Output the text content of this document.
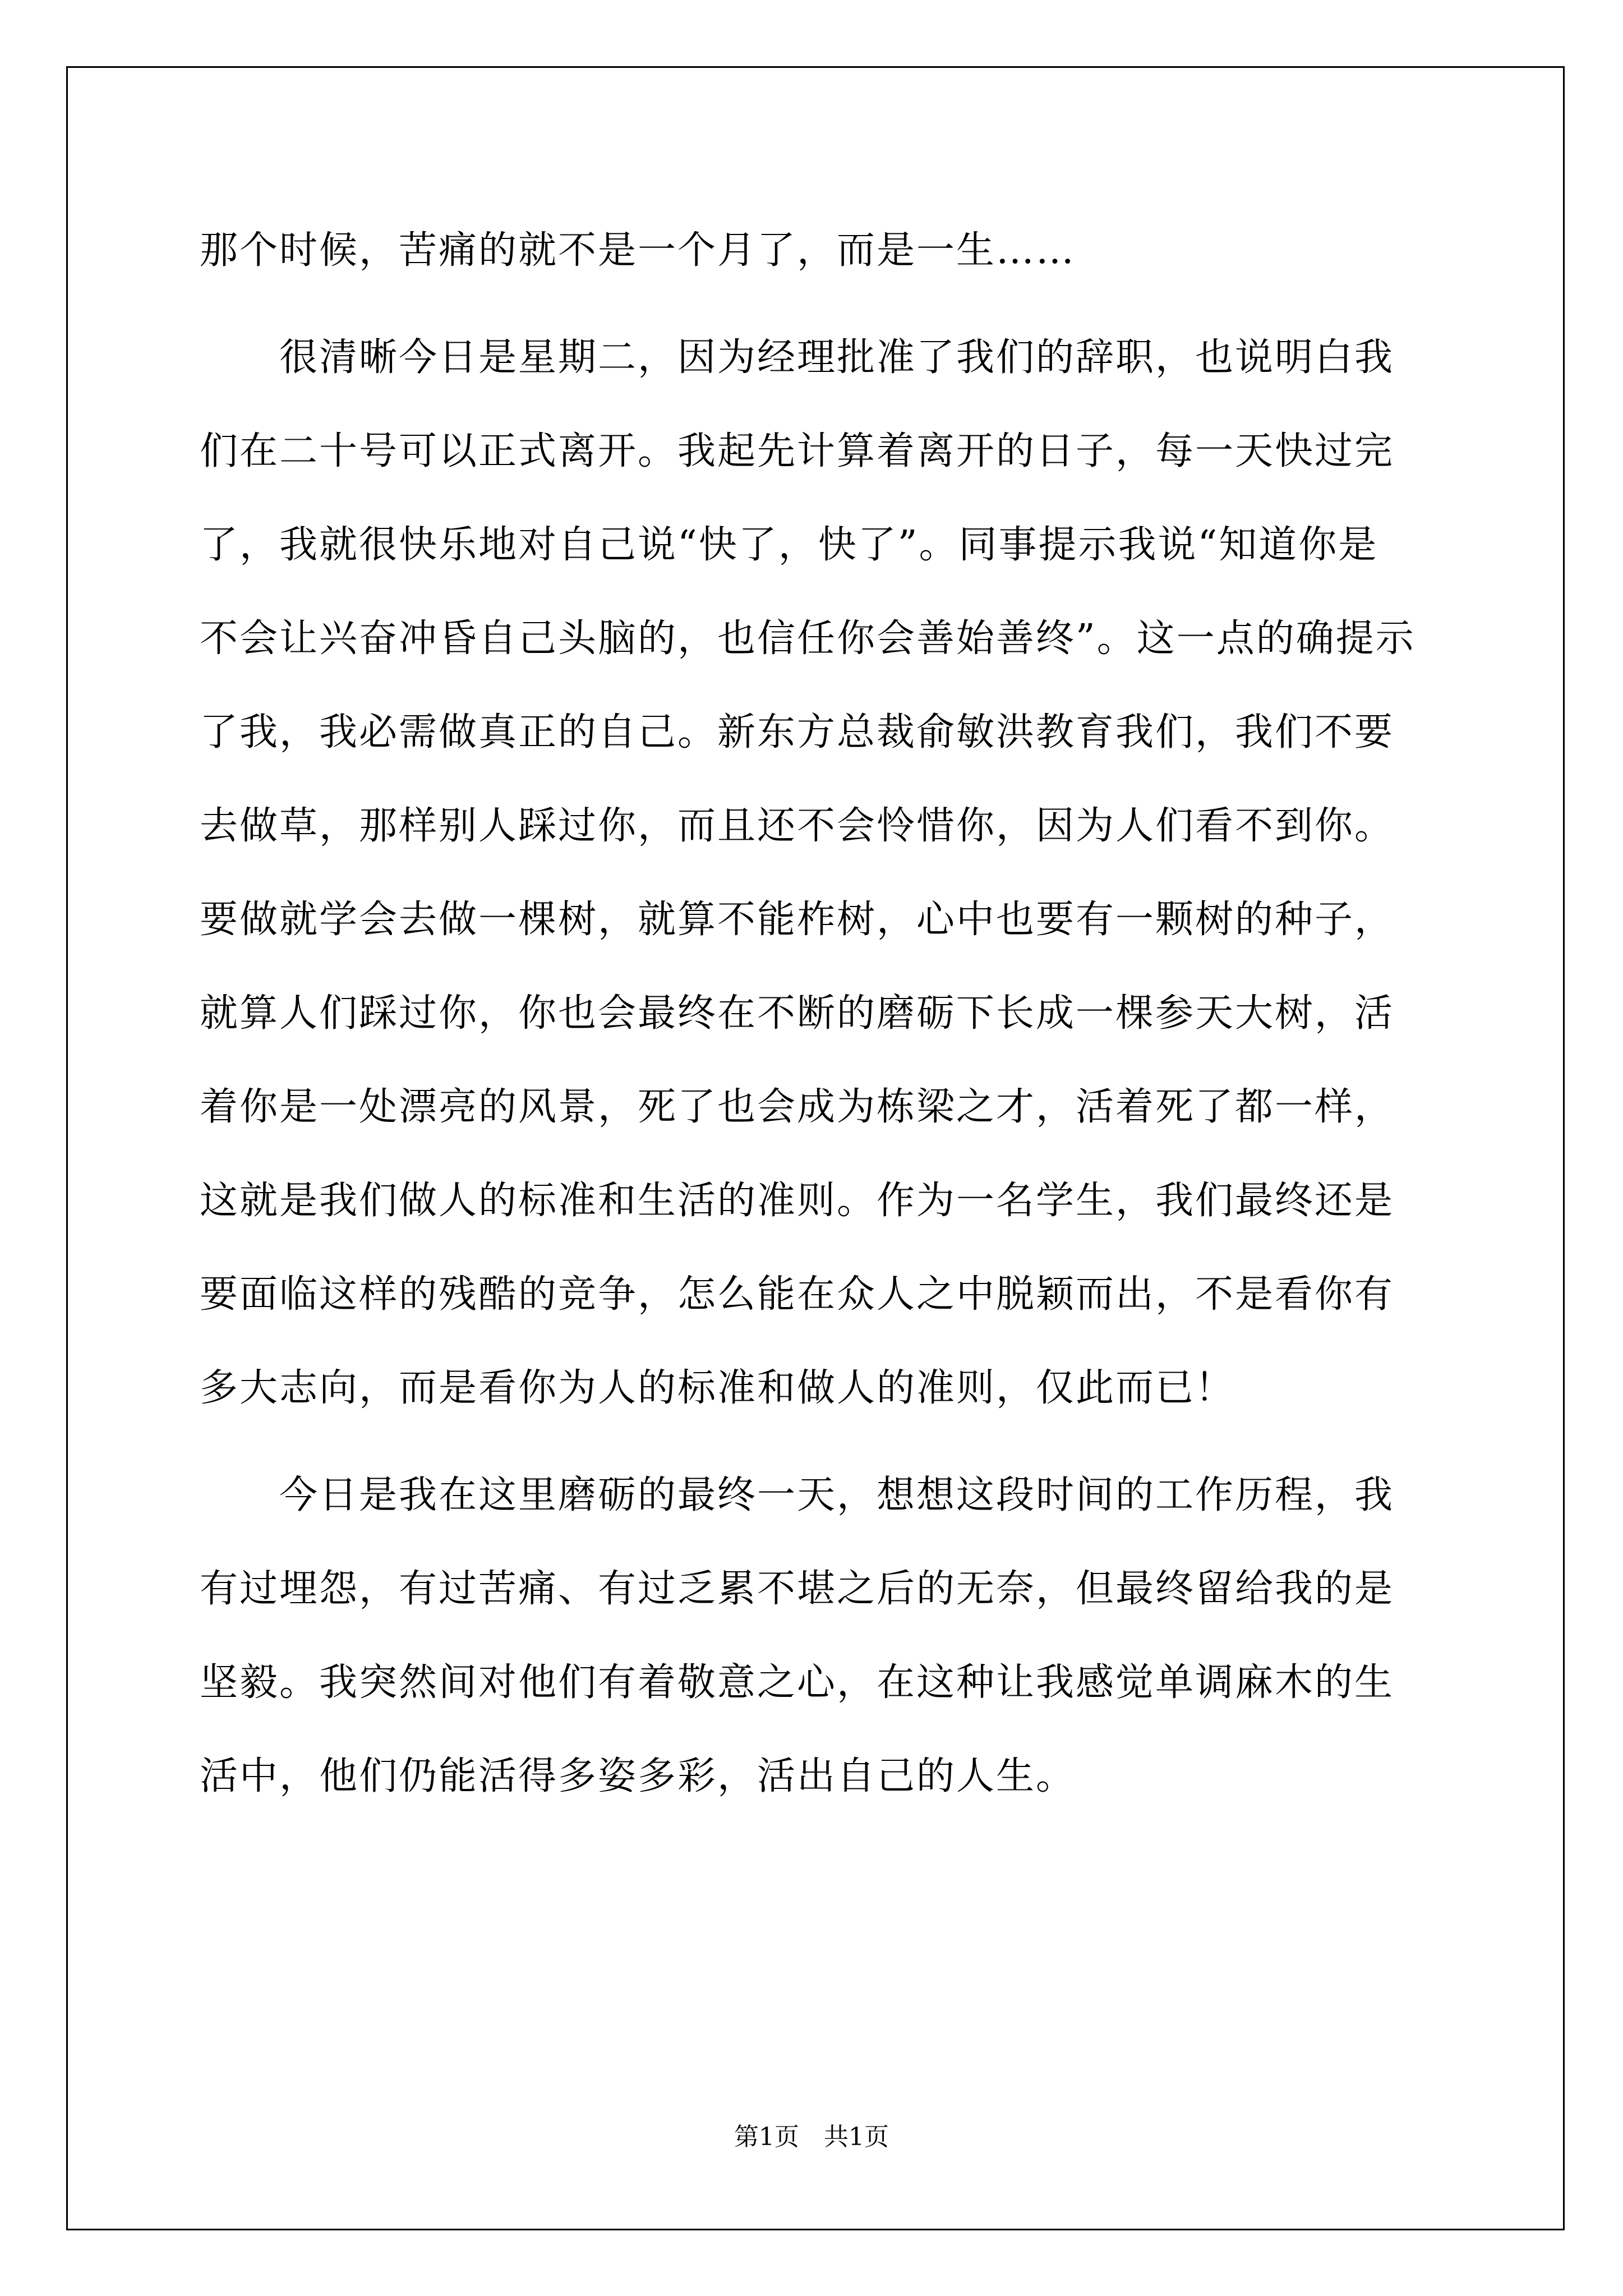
那个时候，苦痛的就不是一个月了，而是一生……
　　很清晰今日是星期二，因为经理批准了我们的辞职，也说明白我
们在二十号可以正式离开。我起先计算着离开的日子，每一天快过完
了，我就很快乐地对自己说“快了，快了”。同事提示我说“知道你是
不会让兴奋冲昏自己头脑的，也信任你会善始善终”。这一点的确提示
了我，我必需做真正的自己。新东方总裁俞敏洪教育我们，我们不要
去做草，那样别人踩过你，而且还不会怜惜你，因为人们看不到你。
要做就学会去做一棵树，就算不能柞树，心中也要有一颗树的种子，
就算人们踩过你，你也会最终在不断的磨砺下长成一棵参天大树，活
着你是一处漂亮的风景，死了也会成为栋梁之才，活着死了都一样，
这就是我们做人的标准和生活的准则。作为一名学生，我们最终还是
要面临这样的残酷的竞争，怎么能在众人之中脱颖而出，不是看你有
多大志向，而是看你为人的标准和做人的准则，仅此而已！
　　今日是我在这里磨砺的最终一天，想想这段时间的工作历程，我
有过埋怨，有过苦痛、有过乏累不堪之后的无奈，但最终留给我的是
坚毅。我突然间对他们有着敬意之心，在这种让我感觉单调麻木的生
活中，他们仍能活得多姿多彩，活出自己的人生。
第1页　共1页
